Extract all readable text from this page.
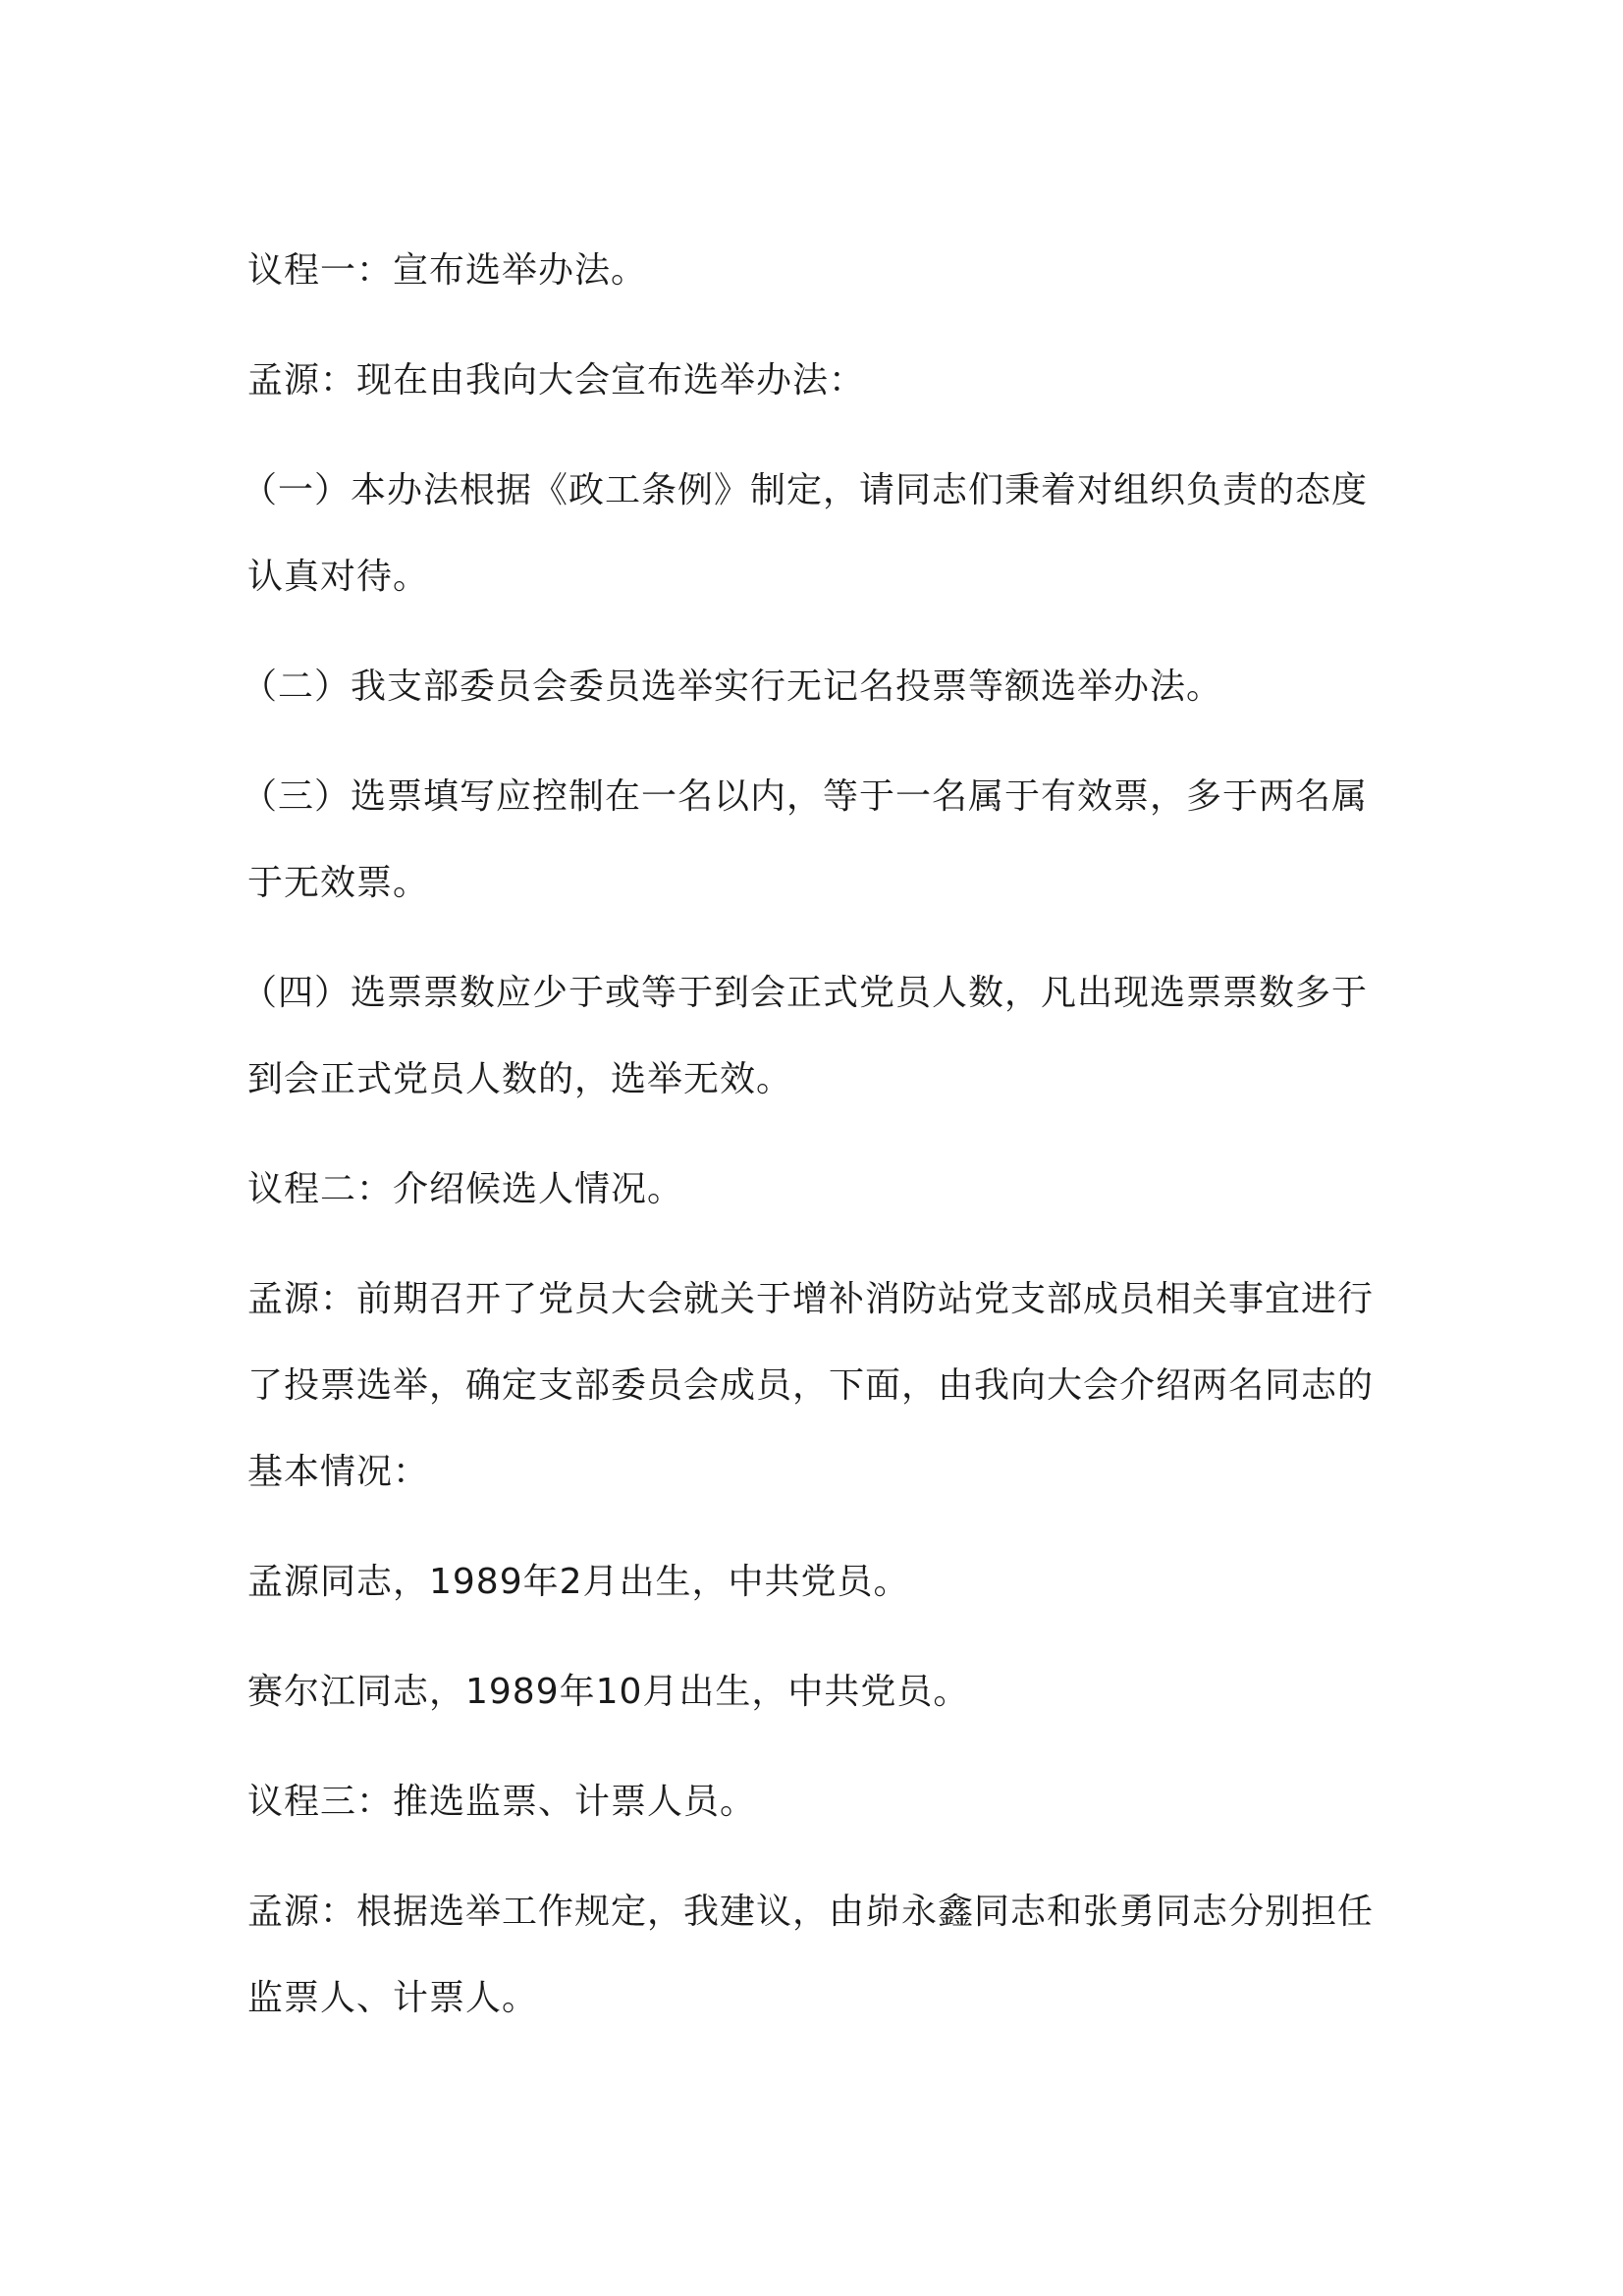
议程一：宣布选举办法。

孟源：现在由我向大会宣布选举办法：

（一）本办法根据《政工条例》制定，请同志们秉着对组织负责的态度认真对待。

（二）我支部委员会委员选举实行无记名投票等额选举办法。

（三）选票填写应控制在一名以内，等于一名属于有效票，多于两名属于无效票。

（四）选票票数应少于或等于到会正式党员人数，凡出现选票票数多于到会正式党员人数的，选举无效。

议程二：介绍候选人情况。

孟源：前期召开了党员大会就关于增补消防站党支部成员相关事宜进行了投票选举，确定支部委员会成员，下面，由我向大会介绍两名同志的基本情况：

孟源同志，1989年2月出生，中共党员。

赛尔江同志，1989年10月出生，中共党员。

议程三：推选监票、计票人员。

孟源：根据选举工作规定，我建议，由峁永鑫同志和张勇同志分别担任监票人、计票人。
